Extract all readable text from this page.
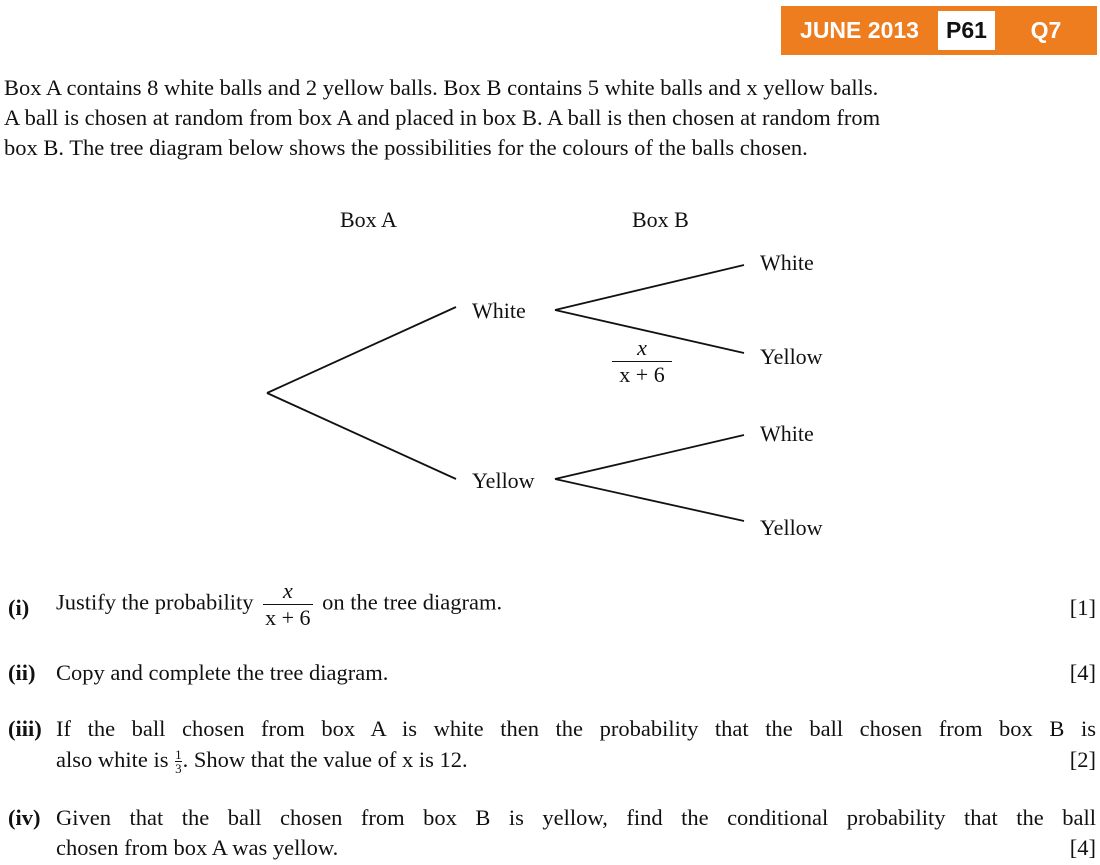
JUNE 2013	P61	Q7

Box A contains 8 white balls and 2 yellow balls. Box B contains 5 white balls and x yellow balls.

A ball is chosen at random from box A and placed in box B. A ball is then chosen at random from

box B. The tree diagram below shows the possibilities for the colours of the balls chosen.

Box A	Box B
White
Yellow
White
Yellow
White
Yellow
$\frac{x}{x + 6}$
(i) Justify the probability $\frac{x}{x + 6}$ on the tree diagram.	[1]
(ii) Copy and complete the tree diagram.	[4]
(iii) If the ball chosen from box A is white then the probability that the ball chosen from box B is
also white is $\frac{1}{3}$ . Show that the value of x is 12.	[2]
(iv) Given that the ball chosen from box B is yellow, find the conditional probability that the ball
chosen from box A was yellow.	[4]
